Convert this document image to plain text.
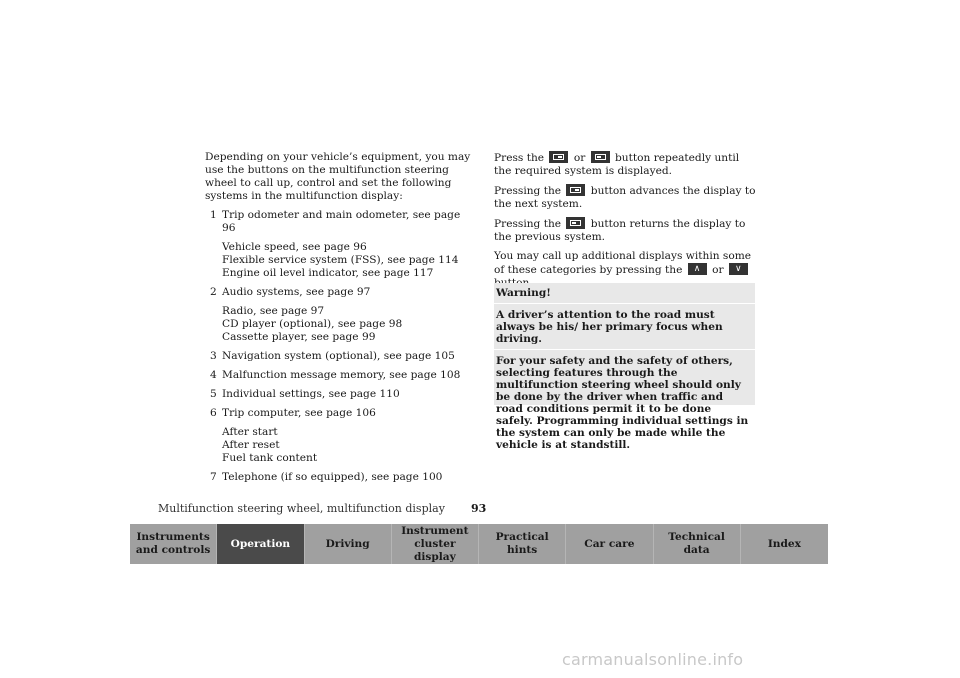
Depending on your vehicle’s equipment, you may use the buttons on the multifunction steering wheel to call up, control and set the following systems in the multifunction display:

1 Trip odometer and main odometer, see page 96
Vehicle speed, see page 96
Flexible service system (FSS), see page 114
Engine oil level indicator, see page 117
2 Audio systems, see page 97
Radio, see page 97
CD player (optional), see page 98
Cassette player, see page 99
3 Navigation system (optional), see page 105
4 Malfunction message memory, see page 108
5 Individual settings, see page 110
6 Trip computer, see page 106
After start
After reset
Fuel tank content
7 Telephone (if so equipped), see page 100

Press the	or	button repeatedly until the required system is displayed.

Pressing the	button advances the display to the next system.

Pressing the	button returns the display to the previous system.

You may call up additional displays within some of these categories by pressing the ∧ or ∨

Warning!
A driver’s attention to the road must always be his/ her primary focus when driving.
For your safety and the safety of others, selecting features through the multifunction steering wheel should only be done by the driver when traffic and road conditions permit it to be done safely. Programming individual settings in the system can only be made while the vehicle is at standstill.
Multifunction steering wheel, multifunction display 93
Instruments and controls
Operation	Driving
Instrument cluster display
Practical hints
Car care
Technical data
Index
carmanualsonline.info
